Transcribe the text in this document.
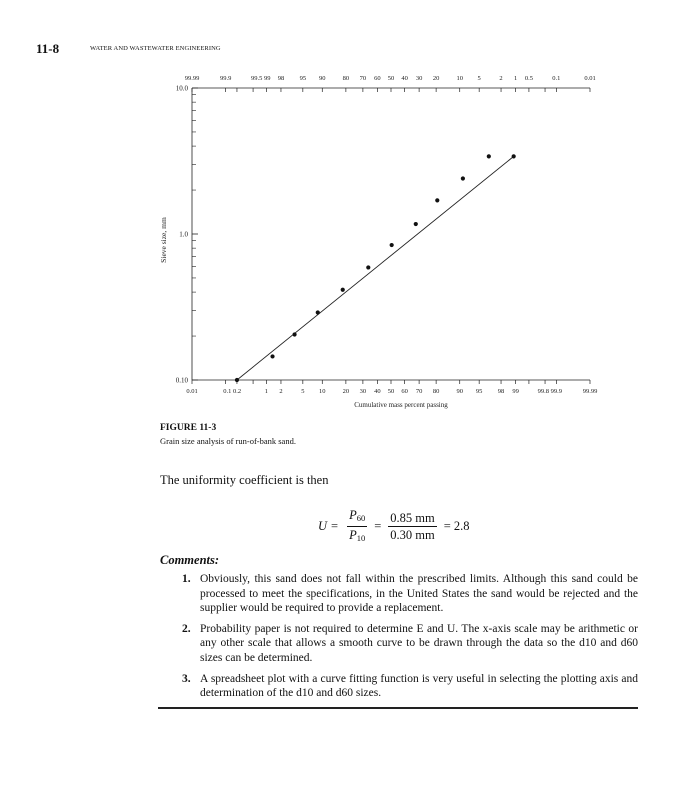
11-8	WATER AND WASTEWATER ENGINEERING
0.01	0.1 0.2	1 2	5 10	20 30 40 50 60 70 80	90 95 98 99	99.8 99.9	99.99
99.99	99.9	99.5 99 98 95 90	80 70 60 50 40 30 20	10 5	2 1 0.5	0.1	0.01
10.0
1.0
0.10
Cumulative mass percent passing
Sieve size, mm
FIGURE 11-3
Grain size analysis of run-of-bank sand.
The uniformity coefficient is then
$U = \frac{P_{60}}{P_{10}} = \frac{0.85 mm}{0.30 mm} = 2.8$
Comments:
1. Obviously, this sand does not fall within the prescribed limits. Although this sand could be processed to meet the specifications, in the United States the sand would be rejected and the supplier would be required to provide a replacement.
2. Probability paper is not required to determine E and U. The x-axis scale may be arithmetic or any other scale that allows a smooth curve to be drawn through the data so the d10 and d60 sizes can be determined.
3. A spreadsheet plot with a curve fitting function is very useful in selecting the plotting axis and determination of the d10 and d60 sizes.
